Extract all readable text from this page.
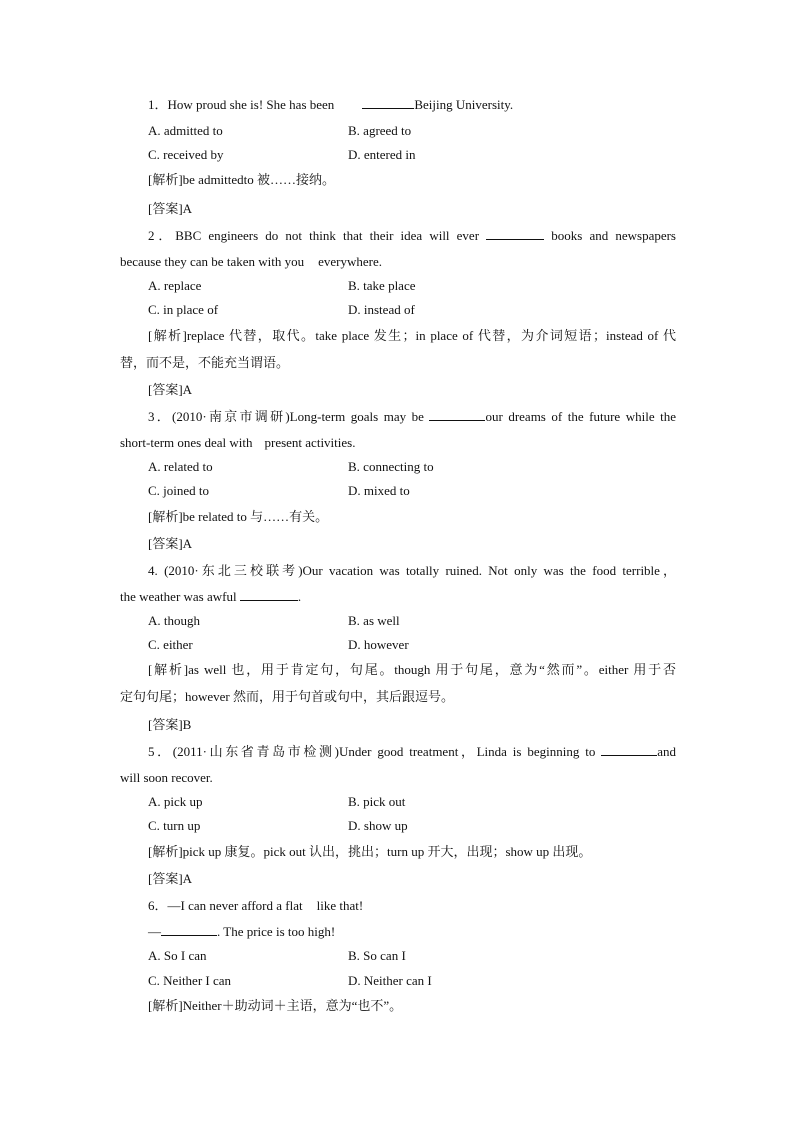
1．How proud she is! She has been	Beijing University.
A. admitted to	B. agreed to
C. received by	D. entered in
[解析]be admittedto 被……接纳。
[答案]A
2．BBC engineers do not think that their idea will ever	books and newspapers
because they can be taken with you everywhere.
A. replace	B. take place
C. in place of	D. instead of
[解析]replace 代替，取代。take place 发生；in place of 代替，为介词短语；instead of 代
替，而不是，不能充当谓语。
[答案]A
3．(2010·南京市调研)Long-term goals may be	our dreams of the future while the
short-term ones deal with present activities.
A. related to	B. connecting to
C. joined to	D. mixed to
[解析]be related to 与……有关。
[答案]A
4. (2010·东北三校联考)Our vacation was totally ruined. Not only was the food terrible，
the weather was awful	.
A. though	B. as well
C. either	D. however
[解析]as well 也，用于肯定句，句尾。though 用于句尾，意为“然而”。either 用于否
定句句尾；however 然而，用于句首或句中，其后跟逗号。
[答案]B
5．(2011·山东省青岛市检测)Under good treatment，Linda is beginning to	and
will soon recover.
A. pick up	B. pick out
C. turn up	D. show up
[解析]pick up 康复。pick out 认出，挑出；turn up 开大，出现；show up 出现。
[答案]A
6．—I can never afford a flat like that!
—	. The price is too high!
A. So I can	B. So can I
C. Neither I can	D. Neither can I
[解析]Neither＋助动词＋主语，意为“也不”。
